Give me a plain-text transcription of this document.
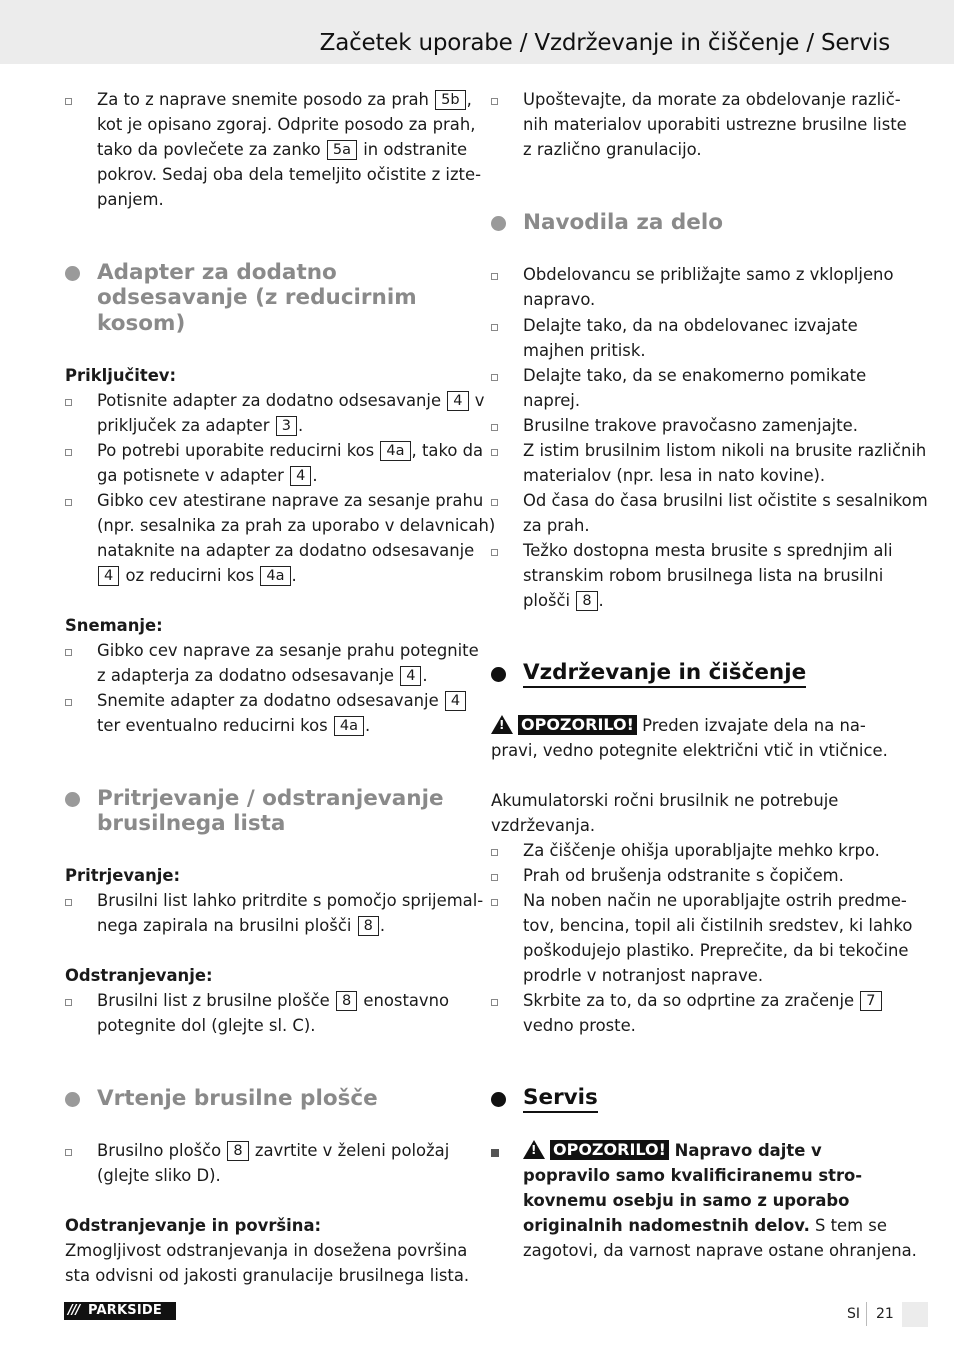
Začetek uporabe / Vzdrževanje in čiščenje / Servis
Za to z naprave snemite posodo za prah 5b ,
kot je opisano zgoraj. Odprite posodo za prah,
tako da povlečete za zanko 5a in odstranite
pokrov. Sedaj oba dela temeljito očistite z izte-
panjem.
Adapter za dodatno
odsesavanje (z reducirnim
kosom)
Priključitev:
Potisnite adapter za dodatno odsesavanje 4 v
priključek za adapter 3 .
Po potrebi uporabite reducirni kos 4a , tako da
ga potisnete v adapter 4 .
Gibko cev atestirane naprave za sesanje prahu
(npr. sesalnika za prah za uporabo v delavnicah)
nataknite na adapter za dodatno odsesavanje
4 oz reducirni kos 4a .
Snemanje:
Gibko cev naprave za sesanje prahu potegnite
z adapterja za dodatno odsesavanje 4 .
Snemite adapter za dodatno odsesavanje 4
ter eventualno reducirni kos 4a .
Pritrjevanje / odstranjevanje
brusilnega lista
Pritrjevanje:
Brusilni list lahko pritrdite s pomočjo sprijemal-
nega zapirala na brusilni plošči 8 .
Odstranjevanje:
Brusilni list z brusilne plošče 8 enostavno
potegnite dol (glejte sl. C).
Vrtenje brusilne plošče
Brusilno ploščo 8 zavrtite v želeni položaj
(glejte sliko D).
Odstranjevanje in površina:
Zmogljivost odstranjevanja in dosežena površina
sta odvisni od jakosti granulacije brusilnega lista.
Upoštevajte, da morate za obdelovanje različ-
nih materialov uporabiti ustrezne brusilne liste
z različno granulacijo.
Navodila za delo
Obdelovancu se približajte samo z vklopljeno
napravo.
Delajte tako, da na obdelovanec izvajate
majhen pritisk.
Delajte tako, da se enakomerno pomikate
naprej.
Brusilne trakove pravočasno zamenjajte.
Z istim brusilnim listom nikoli na brusite različnih
materialov (npr. lesa in nato kovine).
Od časa do časa brusilni list očistite s sesalnikom
za prah.
Težko dostopna mesta brusite s sprednjim ali
stranskim robom brusilnega lista na brusilni
plošči 8 .
Vzdrževanje in čiščenje
! OPOZORILO! Preden izvajate dela na na-
pravi, vedno potegnite električni vtič in vtičnice.
Akumulatorski ročni brusilnik ne potrebuje
vzdrževanja.
Za čiščenje ohišja uporabljajte mehko krpo.
Prah od brušenja odstranite s čopičem.
Na noben način ne uporabljajte ostrih predme-
tov, bencina, topil ali čistilnih sredstev, ki lahko
poškodujejo plastiko. Preprečite, da bi tekočine
prodrle v notranjost naprave.
Skrbite za to, da so odprtine za zračenje 7
vedno proste.
Servis
! OPOZORILO! Napravo dajte v
popravilo samo kvalificiranemu stro-
kovnemu osebju in samo z uporabo
originalnih nadomestnih delov. S tem se
zagotovi, da varnost naprave ostane ohranjena.
/// PARKSIDE	SI 21
